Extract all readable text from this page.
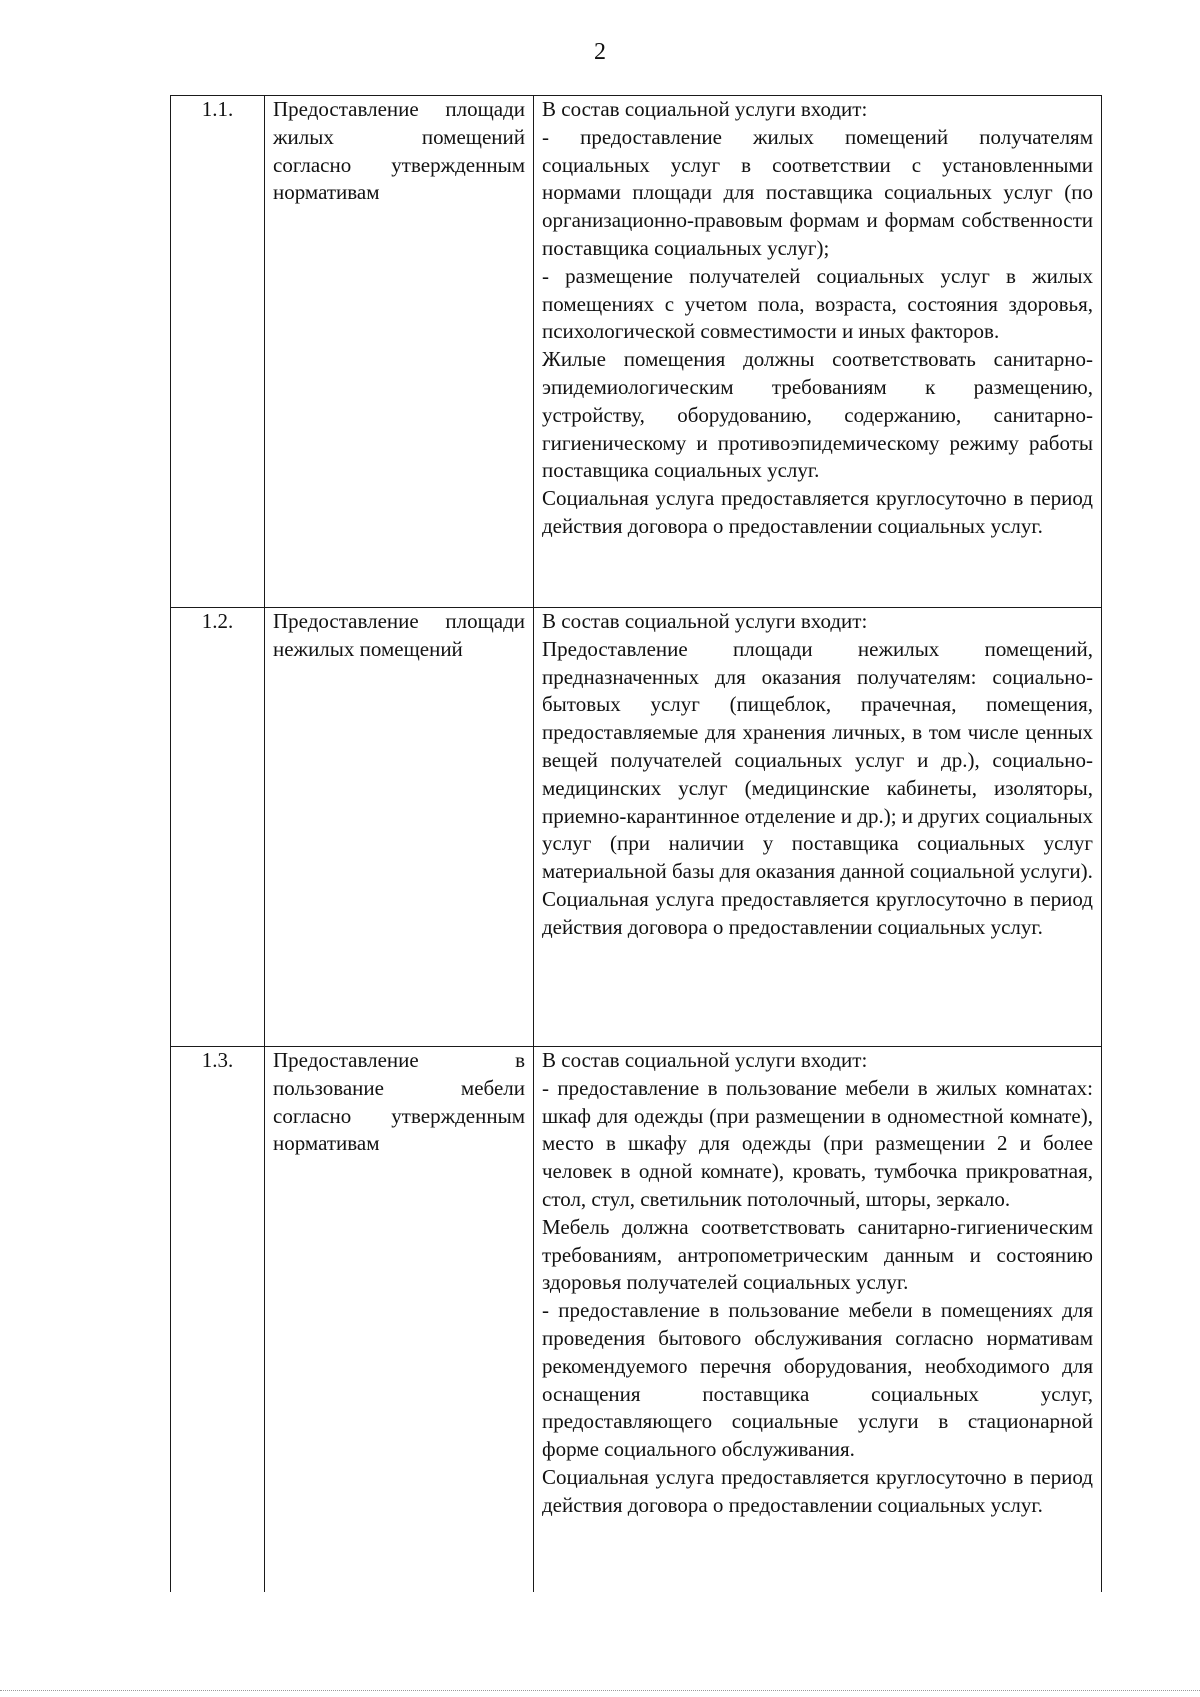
2
1.1.	Предоставление площади жилых помещений согласно утвержденным нормативам	В состав социальной услуги входит:

- предоставление жилых помещений получателям социальных услуг в соответствии с установленными нормами площади для поставщика социальных услуг (по организационно-правовым формам и формам собственности поставщика социальных услуг);

- размещение получателей социальных услуг в жилых помещениях с учетом пола, возраста, состояния здоровья, психологической совместимости и иных факторов.

Жилые помещения должны соответствовать санитарно-эпидемиологическим требованиям к размещению, устройству, оборудованию, содержанию, санитарно-гигиеническому и противоэпидемическому режиму работы поставщика социальных услуг.

Социальная услуга предоставляется круглосуточно в период действия договора о предоставлении социальных услуг.

1.2.	Предоставление площади нежилых помещений	В состав социальной услуги входит:

Предоставление площади нежилых помещений, предназначенных для оказания получателям: социально-бытовых услуг (пищеблок, прачечная, помещения, предоставляемые для хранения личных, в том числе ценных вещей получателей социальных услуг и др.), социально-медицинских услуг (медицинские кабинеты, изоляторы, приемно-карантинное отделение и др.); и других социальных услуг (при наличии у поставщика социальных услуг материальной базы для оказания данной социальной услуги).

Социальная услуга предоставляется круглосуточно в период действия договора о предоставлении социальных услуг.

1.3.	Предоставление в пользование мебели согласно утвержденным нормативам	В состав социальной услуги входит:

- предоставление в пользование мебели в жилых комнатах: шкаф для одежды (при размещении в одноместной комнате), место в шкафу для одежды (при размещении 2 и более человек в одной комнате), кровать, тумбочка прикроватная, стол, стул, светильник потолочный, шторы, зеркало.

Мебель должна соответствовать санитарно-гигиеническим требованиям, антропометрическим данным и состоянию здоровья получателей социальных услуг.

- предоставление в пользование мебели в помещениях для проведения бытового обслуживания согласно нормативам рекомендуемого перечня оборудования, необходимого для оснащения поставщика социальных услуг, предоставляющего социальные услуги в стационарной форме социального обслуживания.

Социальная услуга предоставляется круглосуточно в период действия договора о предоставлении социальных услуг.
